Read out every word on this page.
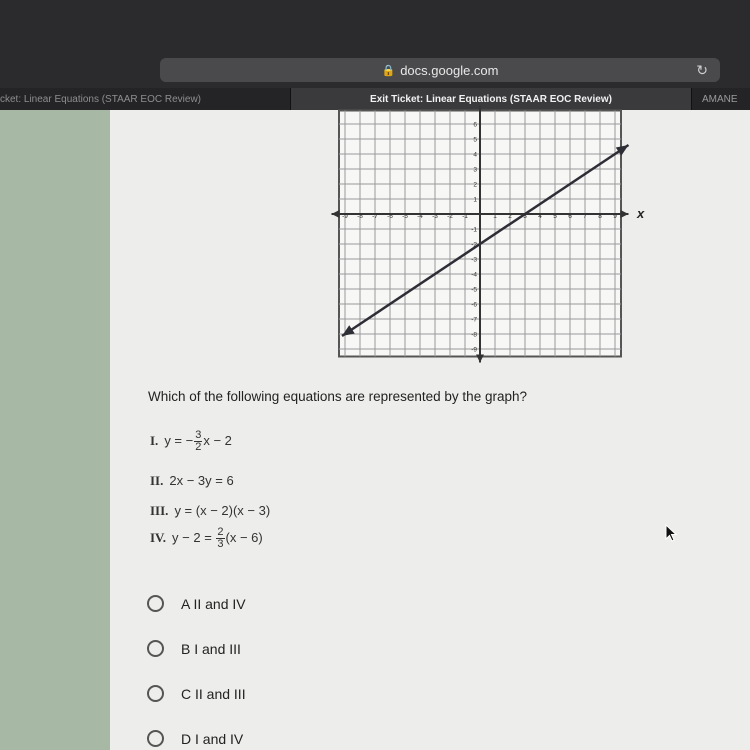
🔒 docs.google.com	↻
cket: Linear Equations (STAAR EOC Review)	Exit Ticket: Linear Equations (STAAR EOC Review)	AMANE
-9 -8 -7 -6 -5 -4 -3 -2 -1	1 2 3 4 5 6 7 8 9
6
5
4
3
2
1
-1
-2
-3
-4
-5
-6
-7
-8
-9
x
Which of the following equations are represented by the graph?
I. y = − $\frac{3}{2}$ x − 2
II. 2x − 3y = 6
III. y = (x − 2)(x − 3)
IV. $y - 2 = \frac{2}{3} (x - 6)$
A II and IV
B I and III
C II and III
D I and IV
